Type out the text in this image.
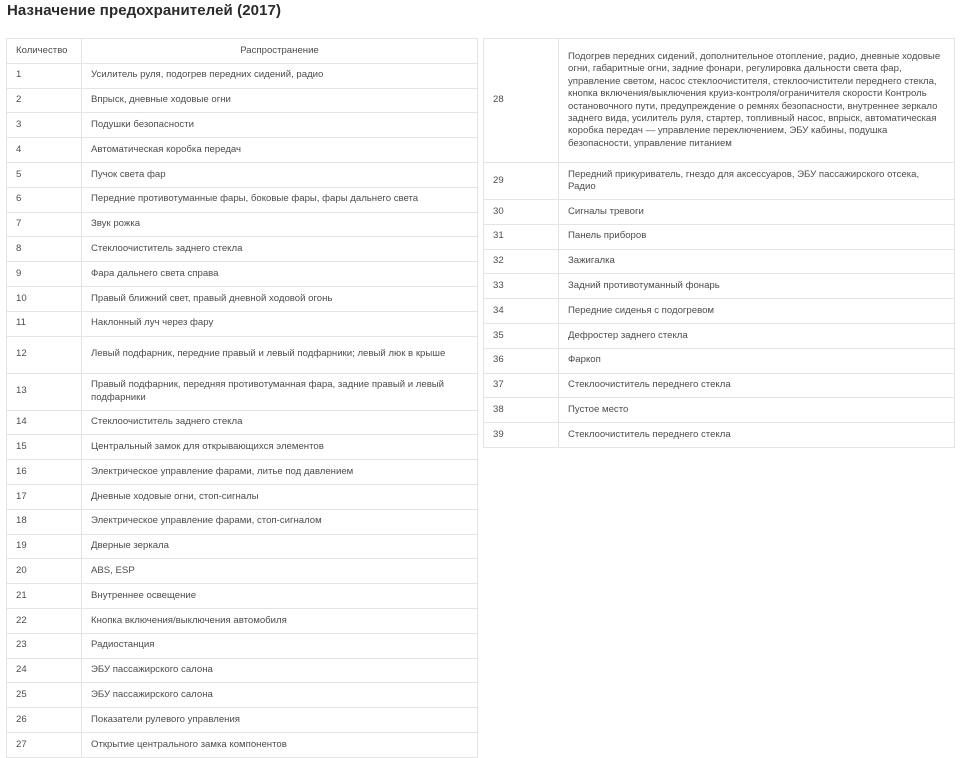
Назначение предохранителей (2017)
Количество	Распространение
1	Усилитель руля, подогрев передних сидений, радио
2	Впрыск, дневные ходовые огни
3	Подушки безопасности
4	Автоматическая коробка передач
5	Пучок света фар
6	Передние противотуманные фары, боковые фары, фары дальнего света
7	Звук рожка
8	Стеклоочиститель заднего стекла
9	Фара дальнего света справа
10	Правый ближний свет, правый дневной ходовой огонь
11	Наклонный луч через фару
12	Левый подфарник, передние правый и левый подфарники; левый люк в крыше
13	Правый подфарник, передняя противотуманная фара, задние правый и левый подфарники
14	Стеклоочиститель заднего стекла
15	Центральный замок для открывающихся элементов
16	Электрическое управление фарами, литье под давлением
17	Дневные ходовые огни, стоп-сигналы
18	Электрическое управление фарами, стоп-сигналом
19	Дверные зеркала
20	ABS, ESP
21	Внутреннее освещение
22	Кнопка включения/выключения автомобиля
23	Радиостанция
24	ЭБУ пассажирского салона
25	ЭБУ пассажирского салона
26	Показатели рулевого управления
27	Открытие центрального замка компонентов
28	Подогрев передних сидений, дополнительное отопление, радио, дневные ходовые огни, габаритные огни, задние фонари, регулировка дальности света фар, управление светом, насос стеклоочистителя, стеклоочистители переднего стекла, кнопка включения/выключения круиз-контроля/ограничителя скорости Контроль остановочного пути, предупреждение о ремнях безопасности, внутреннее зеркало заднего вида, усилитель руля, стартер, топливный насос, впрыск, автоматическая коробка передач — управление переключением, ЭБУ кабины, подушка безопасности, управление питанием
29	Передний прикуриватель, гнездо для аксессуаров, ЭБУ пассажирского отсека, Радио
30	Сигналы тревоги
31	Панель приборов
32	Зажигалка
33	Задний противотуманный фонарь
34	Передние сиденья с подогревом
35	Дефростер заднего стекла
36	Фаркоп
37	Стеклоочиститель переднего стекла
38	Пустое место
39	Стеклоочиститель переднего стекла
